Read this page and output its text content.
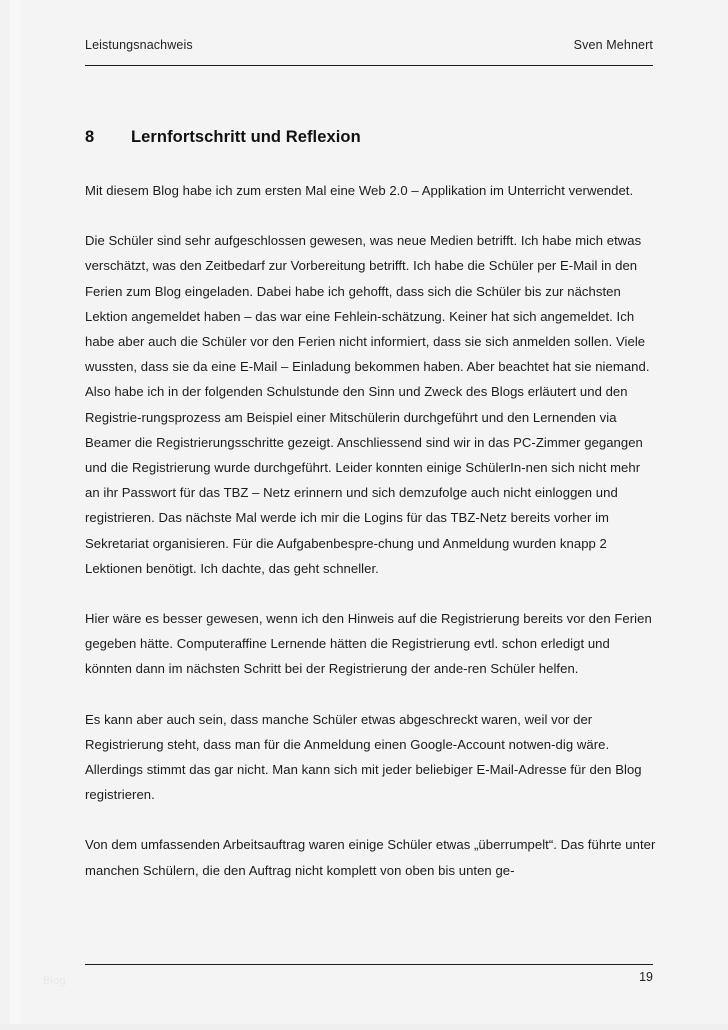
Leistungsnachweis	Sven Mehnert
8 Lernfortschritt und Reflexion

Mit diesem Blog habe ich zum ersten Mal eine Web 2.0 – Applikation im Unterricht verwendet.

Die Schüler sind sehr aufgeschlossen gewesen, was neue Medien betrifft. Ich habe mich etwas verschätzt, was den Zeitbedarf zur Vorbereitung betrifft. Ich habe die Schüler per E-Mail in den Ferien zum Blog eingeladen. Dabei habe ich gehofft, dass sich die Schüler bis zur nächsten Lektion angemeldet haben – das war eine Fehlein-schätzung. Keiner hat sich angemeldet. Ich habe aber auch die Schüler vor den Ferien nicht informiert, dass sie sich anmelden sollen. Viele wussten, dass sie da eine E-Mail – Einladung bekommen haben. Aber beachtet hat sie niemand. Also habe ich in der folgenden Schulstunde den Sinn und Zweck des Blogs erläutert und den Registrie-rungsprozess am Beispiel einer Mitschülerin durchgeführt und den Lernenden via Beamer die Registrierungsschritte gezeigt. Anschliessend sind wir in das PC-Zimmer gegangen und die Registrierung wurde durchgeführt. Leider konnten einige SchülerIn-nen sich nicht mehr an ihr Passwort für das TBZ – Netz erinnern und sich demzufolge auch nicht einloggen und registrieren. Das nächste Mal werde ich mir die Logins für das TBZ-Netz bereits vorher im Sekretariat organisieren. Für die Aufgabenbespre-chung und Anmeldung wurden knapp 2 Lektionen benötigt. Ich dachte, das geht schneller.

Hier wäre es besser gewesen, wenn ich den Hinweis auf die Registrierung bereits vor den Ferien gegeben hätte. Computeraffine Lernende hätten die Registrierung evtl. schon erledigt und könnten dann im nächsten Schritt bei der Registrierung der ande-ren Schüler helfen.

Es kann aber auch sein, dass manche Schüler etwas abgeschreckt waren, weil vor der Registrierung steht, dass man für die Anmeldung einen Google-Account notwen-dig wäre. Allerdings stimmt das gar nicht. Man kann sich mit jeder beliebiger E-Mail-Adresse für den Blog registrieren.

Von dem umfassenden Arbeitsauftrag waren einige Schüler etwas „überrumpelt“. Das führte unter manchen Schülern, die den Auftrag nicht komplett von oben bis unten ge-

19
Blog
